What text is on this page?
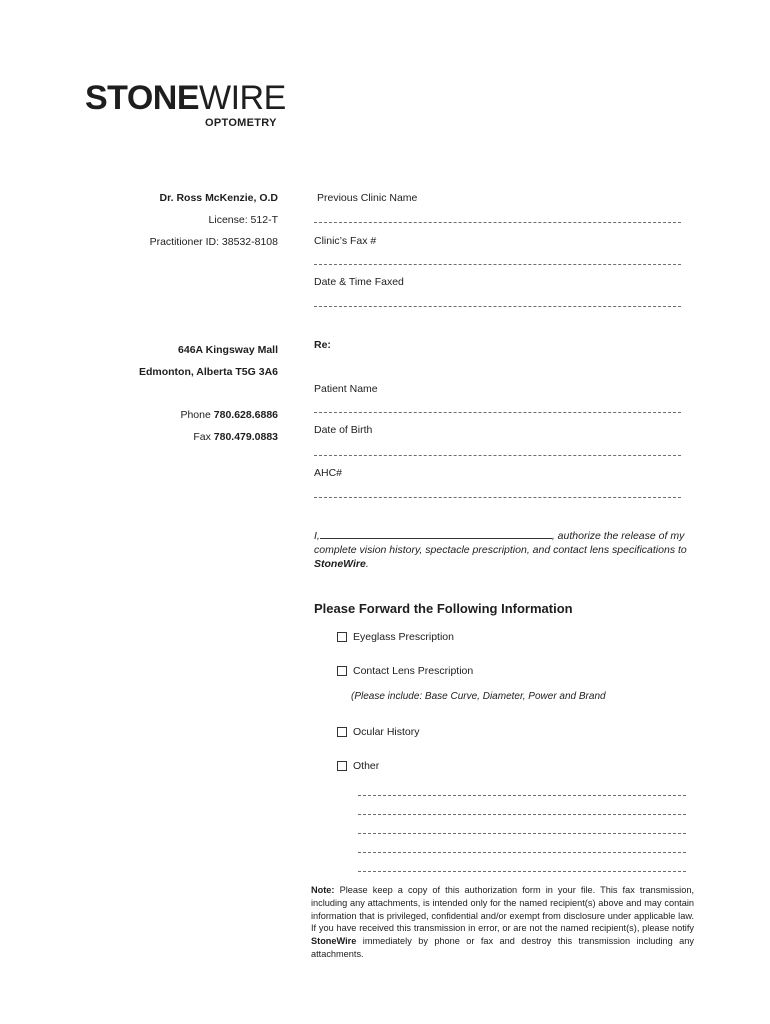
STONEWIRE
OPTOMETRY
Dr. Ross McKenzie, O.D
License: 512-T
Practitioner ID: 38532-8108
646A Kingsway Mall
Edmonton, Alberta T5G 3A6
Phone 780.628.6886
Fax 780.479.0883
Previous Clinic Name
Clinic’s Fax #
Date & Time Faxed
Re:
Patient Name
Date of Birth
AHC#
I,	, authorize the release of my complete vision history, spectacle prescription, and contact lens specifications to StoneWire.
Please Forward the Following Information
Eyeglass Prescription
Contact Lens Prescription
(Please include: Base Curve, Diameter, Power and Brand
Ocular History
Other
Note: Please keep a copy of this authorization form in your file. This fax transmission, including any attachments, is intended only for the named recipient(s) above and may contain information that is privileged, confidential and/or exempt from disclosure under applicable law. If you have received this transmission in error, or are not the named recipient(s), please notify StoneWire immediately by phone or fax and destroy this transmission including any attachments.
